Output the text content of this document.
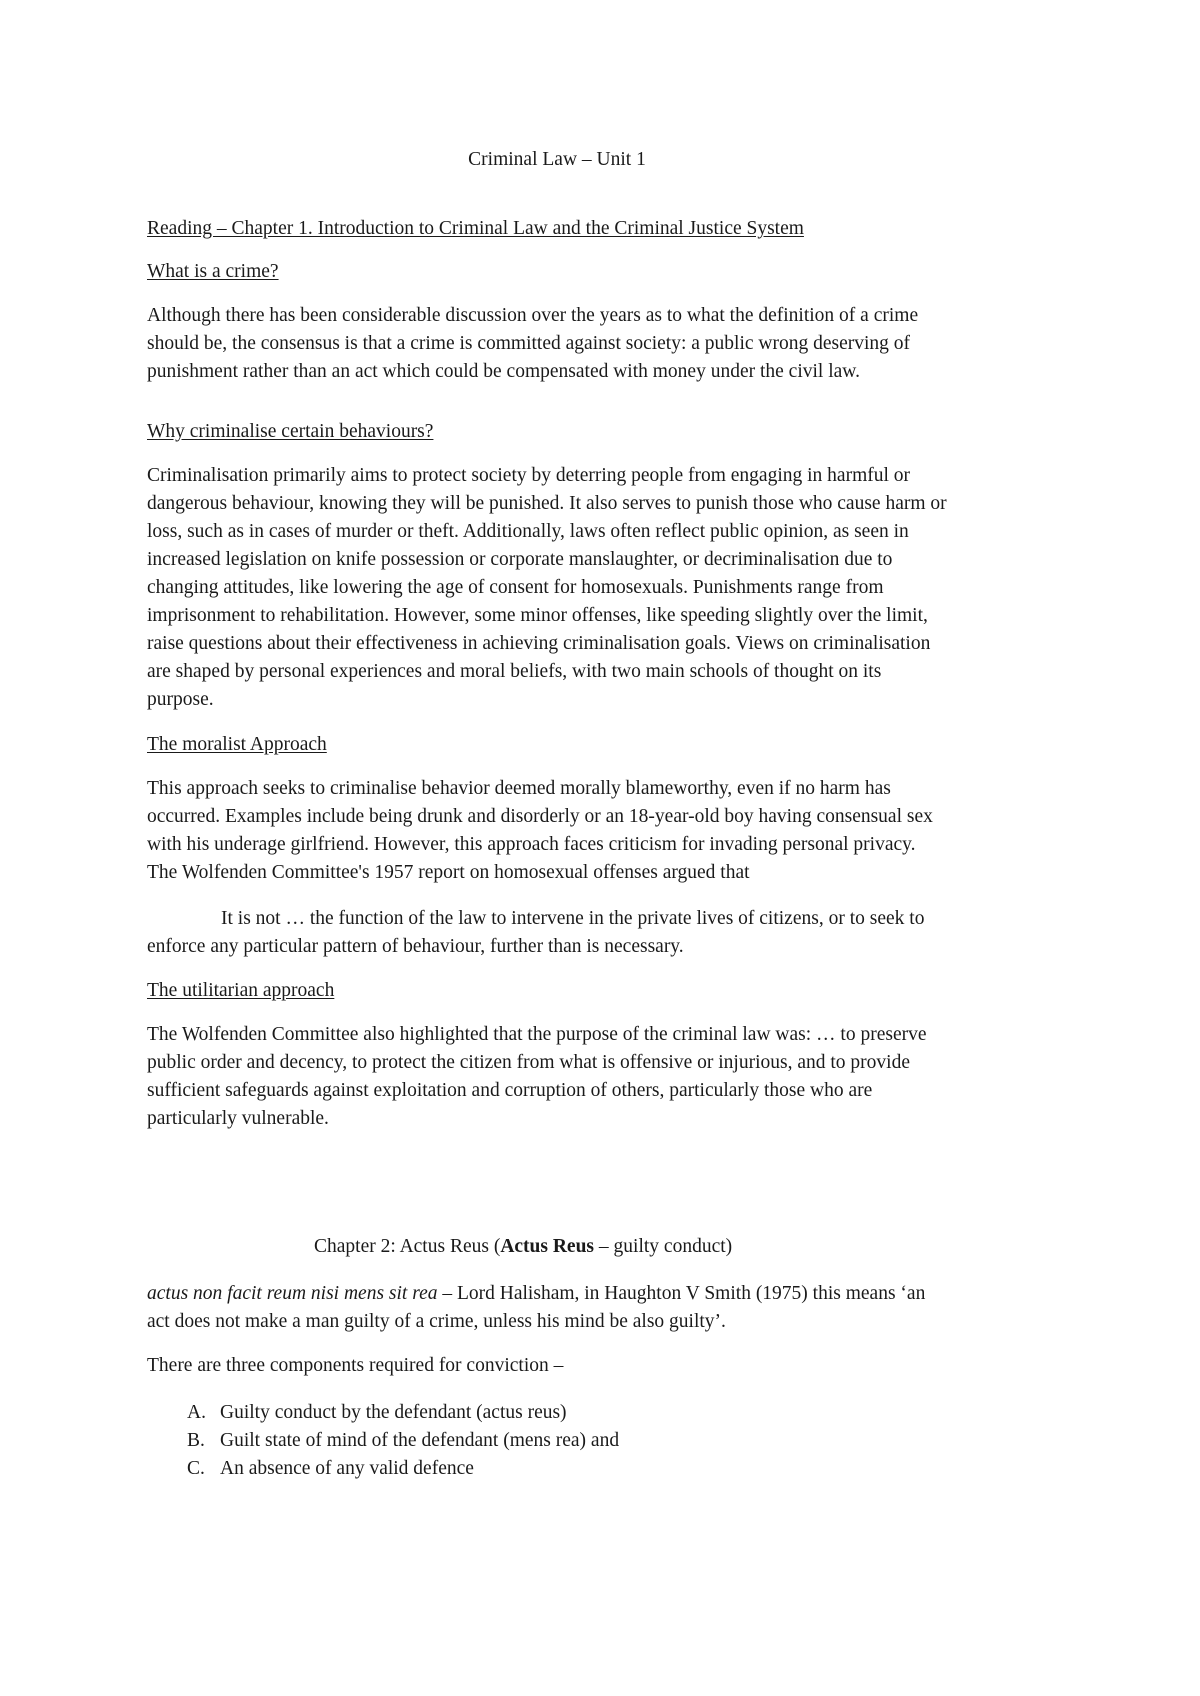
Criminal Law – Unit 1

Reading – Chapter 1. Introduction to Criminal Law and the Criminal Justice System

What is a crime?

Although there has been considerable discussion over the years as to what the definition of a crime

should be, the consensus is that a crime is committed against society: a public wrong deserving of

punishment rather than an act which could be compensated with money under the civil law.

Why criminalise certain behaviours?

Criminalisation primarily aims to protect society by deterring people from engaging in harmful or

dangerous behaviour, knowing they will be punished. It also serves to punish those who cause harm or

loss, such as in cases of murder or theft. Additionally, laws often reflect public opinion, as seen in

increased legislation on knife possession or corporate manslaughter, or decriminalisation due to

changing attitudes, like lowering the age of consent for homosexuals. Punishments range from

imprisonment to rehabilitation. However, some minor offenses, like speeding slightly over the limit,

raise questions about their effectiveness in achieving criminalisation goals. Views on criminalisation

are shaped by personal experiences and moral beliefs, with two main schools of thought on its

purpose.

The moralist Approach

This approach seeks to criminalise behavior deemed morally blameworthy, even if no harm has

occurred. Examples include being drunk and disorderly or an 18-year-old boy having consensual sex

with his underage girlfriend. However, this approach faces criticism for invading personal privacy.

The Wolfenden Committee's 1957 report on homosexual offenses argued that

It is not … the function of the law to intervene in the private lives of citizens, or to seek to

enforce any particular pattern of behaviour, further than is necessary.

The utilitarian approach

The Wolfenden Committee also highlighted that the purpose of the criminal law was: … to preserve

public order and decency, to protect the citizen from what is offensive or injurious, and to provide

sufficient safeguards against exploitation and corruption of others, particularly those who are

particularly vulnerable.

Chapter 2: Actus Reus (Actus Reus – guilty conduct)

actus non facit reum nisi mens sit rea – Lord Halisham, in Haughton V Smith (1975) this means ‘an

act does not make a man guilty of a crime, unless his mind be also guilty’.

There are three components required for conviction –

A. Guilty conduct by the defendant (actus reus)
B. Guilt state of mind of the defendant (mens rea) and
C. An absence of any valid defence
